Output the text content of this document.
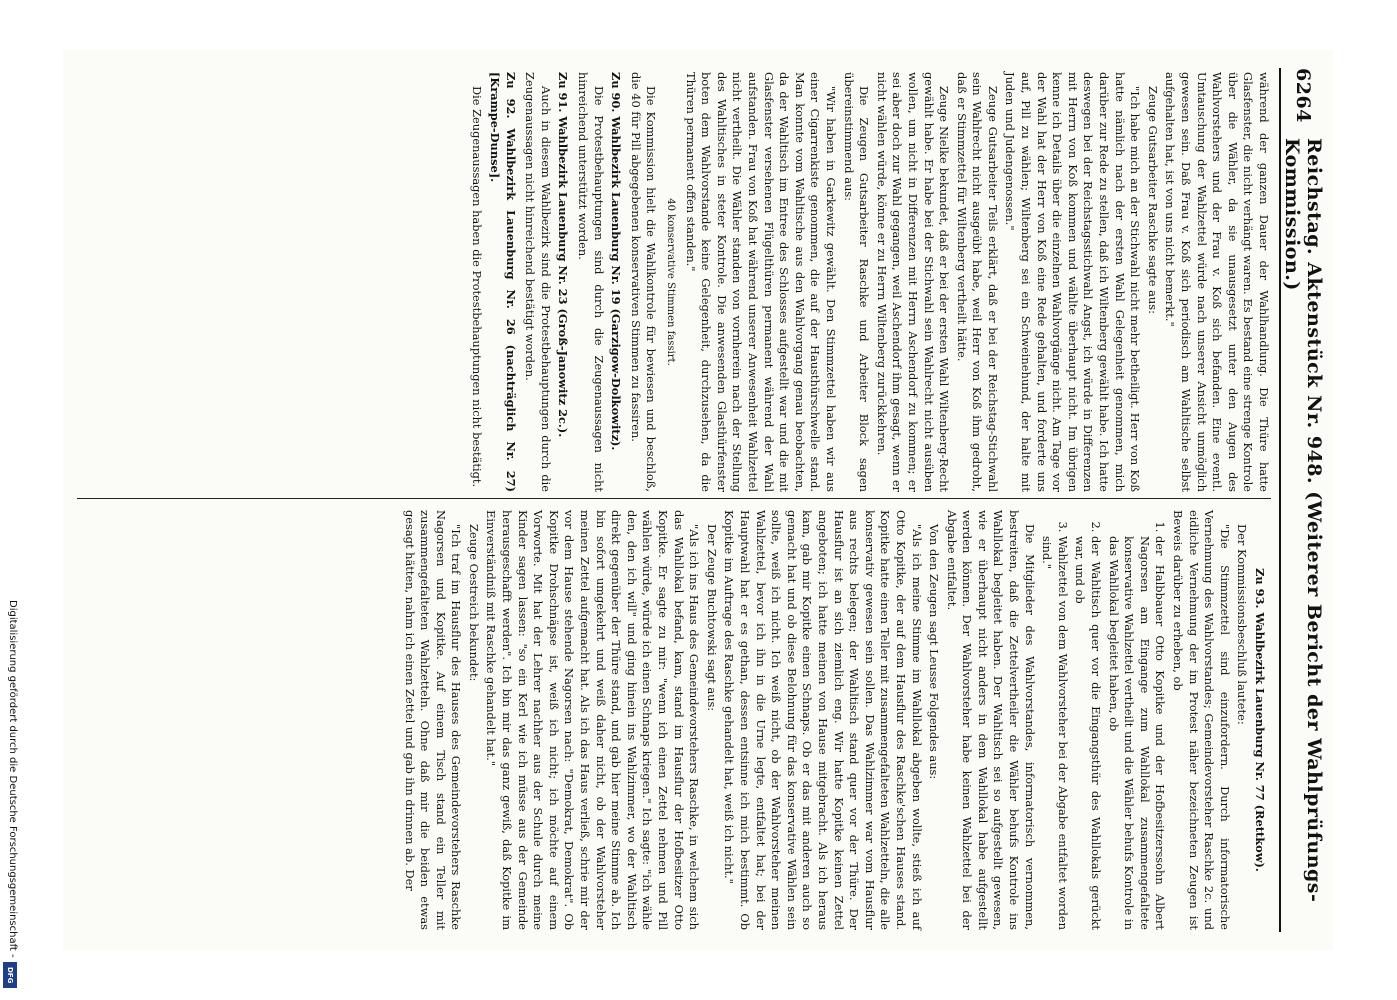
6264
Reichstag. Aktenstück Nr. 948. (Weiterer Bericht der Wahlprüfungs-Kommission.)

während der ganzen Dauer der Wahlhandlung. Die Thüre hatte Glasfenster, die nicht verhängt waren. Es bestand eine strenge Kontrole über die Wähler, da sie unausgesetzt unter den Augen des Wahlvorstehers und der Frau v. Koß sich befanden. Eine eventl. Umtauschung der Wahlzettel würde nach unserer Ansicht unmöglich gewesen sein. Daß Frau v. Koß sich periodisch am Wahltische selbst aufgehalten hat, ist von uns nicht bemerkt."

Zeuge Gutsarbeiter Raschke sagte aus:

"Ich habe mich an der Stichwahl nicht mehr betheiligt. Herr von Koß hatte nämlich nach der ersten Wahl Gelegenheit genommen, mich darüber zur Rede zu stellen, daß ich Wiltenberg gewählt habe. Ich hatte deswegen bei der Reichstagsstichwahl Angst, ich würde in Differenzen mit Herrn von Koß kommen und wählte überhaupt nicht. Im übrigen kenne ich Details über die einzelnen Wahlvorgänge nicht. Am Tage vor der Wahl hat der Herr von Koß eine Rede gehalten, und forderte uns auf, Pill zu wählen; Wiltenberg sei ein Schweinehund, der halte mit Juden und Judengenossen."

Zeuge Gutsarbeiter Teils erklärt, daß er bei der Reichstag-Stichwahl sein Wahlrecht nicht ausgeübt habe, weil Herr von Koß ihm gedroht, daß er Stimmzettel für Wiltenberg vertheilt hätte.

Zeuge Nielke bekundet, daß er bei der ersten Wahl Wiltenberg-Recht gewählt habe. Er habe bei der Stichwahl sein Wahlrecht nicht ausüben wollen, um nicht in Differenzen mit Herrn Aschendorf zu kommen; er sei aber doch zur Wahl gegangen, weil Aschendorf ihm gesagt, wenn er nicht wählen würde, könne er zu Herrn Wiltenberg zurückkehren.

Die Zeugen Gutsarbeiter Raschke und Arbeiter Block sagen übereinstimmend aus:

"Wir haben in Garkewitz gewählt. Den Stimmzettel haben wir aus einer Cigarrenkiste genommen, die auf der Hausthürschwelle stand. Man konnte vom Wahltische aus den Wahlvorgang genau beobachten, da der Wahltisch im Entree des Schlosses aufgestellt war und die mit Glasfenster versehenen Flügelthüren permanent während der Wahl aufstanden. Frau von Koß hat während unserer Anwesenheit Wahlzettel nicht vertheilt. Die Wähler standen von vornherein nach der Stellung des Wahltisches in steter Kontrole. Die anwesenden Glasthürfenster boten dem Wahlvorstande keine Gelegenheit, durchzusehen, da die Thüren permanent offen standen."

40 konservative Stimmen fassirt.

Die Kommission hielt die Wahlkontrole für bewiesen und beschloß, die 40 für Pill abgegebenen konservativen Stimmen zu fassiren.

Zu 90. Wahlbezirk Lauenburg Nr. 19 (Garzigow-Dolkowitz).

Die Protestbehauptungen sind durch die Zeugenaussagen nicht hinreichend unterstützt worden.

Zu 91. Wahlbezirk Lauenburg Nr. 23 (Groß-Janowitz 2c.).

Auch in diesem Wahlbezirk sind die Protestbehauptungen durch die Zeugenaussagen nicht hinreichend bestätigt worden.

Zu 92. Wahlbezirk Lauenburg Nr. 26 (nachträglich Nr. 27) [Krampe-Dunse].

Die Zeugenaussagen haben die Protestbehauptungen nicht bestätigt.

Zu 93. Wahlbezirk Lauenburg Nr. 77 (Rettkow).

Der Kommissionsbeschluß lautete:

"Die Stimmzettel sind einzufordern. Durch informatorische Vernehmung des Wahlvorstandes; Gemeindevorsteher Raschke 2c. und eidliche Vernehmung der im Protest näher bezeichneten Zeugen ist Beweis darüber zu erheben, ob

1. der Halbbauer Otto Kopitke und der Hofbesitzerssohn Albert Nagorsen am Eingange zum Wahllokal zusammengefaltete konservative Wahlzettel vertheilt und die Wähler behufs Kontrole in das Wahllokal begleitet haben, ob
2. der Wahltisch quer vor die Eingangsthür des Wahllokals gerückt war, und ob
3. Wahlzettel von dem Wahlvorsteher bei der Abgabe entfaltet worden sind."

Die Mitglieder des Wahlvorstandes, informatorisch vernommen, bestreiten, daß die Zettelvertheiler die Wähler behufs Kontrole ins Wahllokal begleitet haben. Der Wahltisch sei so aufgestellt gewesen, wie er überhaupt nicht anders in dem Wahllokal habe aufgestellt werden können. Der Wahlvorsteher habe keinen Wahlzettel bei der Abgabe entfaltet.

Von den Zeugen sagt Leusse Folgendes aus:

"Als ich meine Stimme im Wahllokal abgeben wollte, stieß ich auf Otto Kopitke, der auf dem Hausflur des Raschke'schen Hauses stand. Kopitke hatte einen Teller mit zusammengefalteten Wahlzetteln, die alle konservativ gewesen sein sollen. Das Wahlzimmer war vom Hausflur aus rechts belegen; der Wahltisch stand quer vor der Thüre. Der Hausflur ist an sich ziemlich eng. Wir hatte Kopitke keinen Zettel angeboten; ich hatte meinen von Hause mitgebracht. Als ich heraus kam, gab mir Kopitke einen Schnaps. Ob er das mit anderen auch so gemacht hat und ob diese Belohnung für das konservative Wählen sein sollte, weiß ich nicht. Ich weiß nicht, ob der Wahlvorsteher meinen Wahlzettel, bevor ich ihn in die Urne legte, entfaltet hat; bei der Hauptwahl hat er es gethan, dessen entsinne ich mich bestimmt. Ob Kopitke im Auftrage des Raschke gehandelt hat, weiß ich nicht."

Der Zeuge Buchtowski sagt aus:

"Als ich ins Haus des Gemeindevorstehers Raschke, in welchem sich das Wahllokal befand, kam, stand im Hausflur der Hofbesitzer Otto Kopitke. Er sagte zu mir: "wenn ich einen Zettel nehmen und Pill wählen würde, würde ich einen Schnaps kriegen." Ich sagte: "ich wähle den, den ich will" und ging hinein ins Wahlzimmer, wo der Wahltisch direkt gegenüber der Thüre stand, und gab hier meine Stimme ab. Ich bin sofort umgekehrt und weiß daher nicht, ob der Wahlvorsteher meinen Zettel aufgemacht hat. Als ich das Haus verließ, schrie mir der vor dem Hause stehende Nagorsen nach: "Demokrat, Demokrat". Ob Kopitke Drohschnäpse ist, weiß ich nicht; ich möchte auf einem Vorworte. Mit hat der Lehrer nachher aus der Schule durch meine Kinder sagen lassen: "so ein Kerl wie ich müsse aus der Gemeinde herausgeschafft werden". Ich bin mir das ganz gewiß, daß Kopitke im Einverständniß mit Raschke gehandelt hat."

Zeuge Oestreich bekundet:

"Ich traf im Hausflur des Hauses des Gemeindevorstehers Raschke Nagorsen und Kopitke. Auf einem Tisch stand ein Teller mit zusammengefalteten Wahlzetteln. Ohne daß mir die beiden etwas gesagt hätten, nahm ich einen Zettel und gab ihn drinnen ab. Der

Digitalisierung gefördert durch die Deutsche Forschungsgemeinschaft -
DFG
